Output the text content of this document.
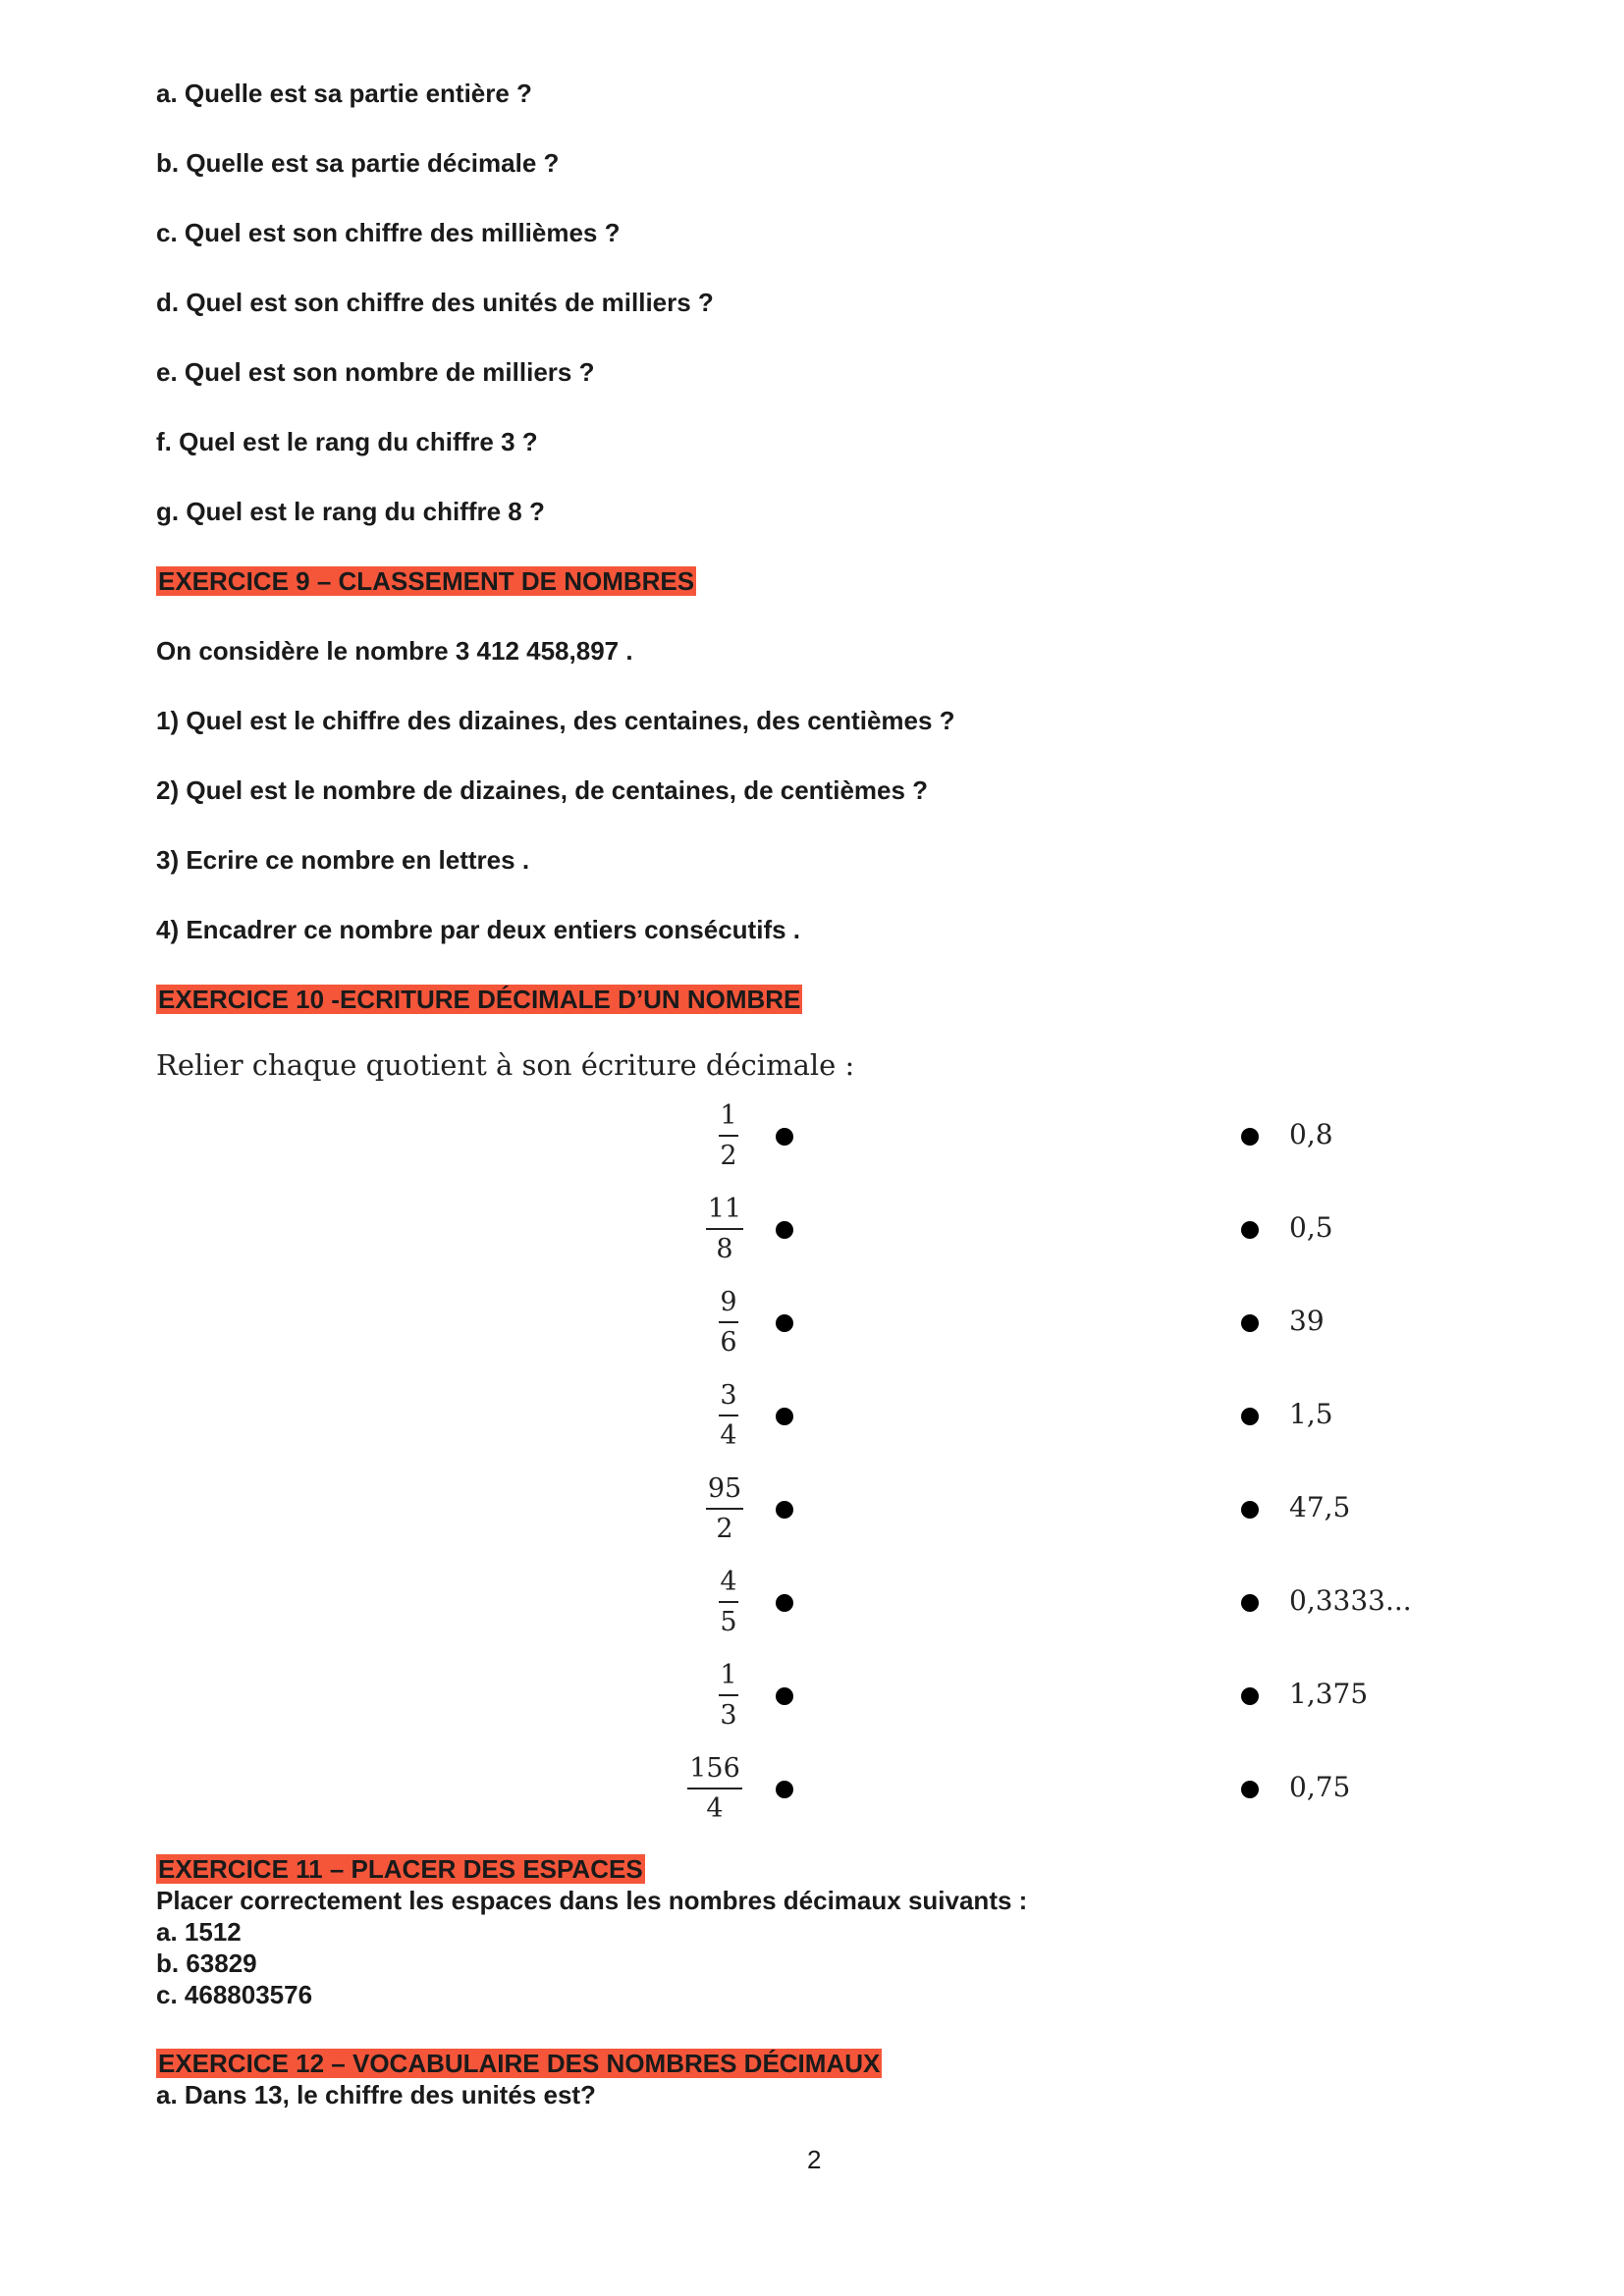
a. Quelle est sa partie entière ?
b. Quelle est sa partie décimale ?
c. Quel est son chiffre des millièmes ?
d. Quel est son chiffre des unités de milliers ?
e. Quel est son nombre de milliers ?
f. Quel est le rang du chiffre 3 ?
g. Quel est le rang du chiffre 8 ?
EXERCICE 9 – CLASSEMENT DE NOMBRES
On considère le nombre 3 412 458,897 .
1) Quel est le chiffre des dizaines, des centaines, des centièmes ?
2) Quel est le nombre de dizaines, de centaines, de centièmes ?
3) Ecrire ce nombre en lettres .
4) Encadrer ce nombre par deux entiers consécutifs .
EXERCICE 10 -ECRITURE DÉCIMALE D’UN NOMBRE
Relier chaque quotient à son écriture décimale :
1
2
11
8
9
6
3
4
95
2
4
5
1
3
156
4
0,8
0,5
39
1,5
47,5
0,3333...
1,375
0,75
EXERCICE 11 – PLACER DES ESPACES
Placer correctement les espaces dans les nombres décimaux suivants :
a. 1512
b. 63829
c. 468803576
EXERCICE 12 – VOCABULAIRE DES NOMBRES DÉCIMAUX
a. Dans 13, le chiffre des unités est?
2
